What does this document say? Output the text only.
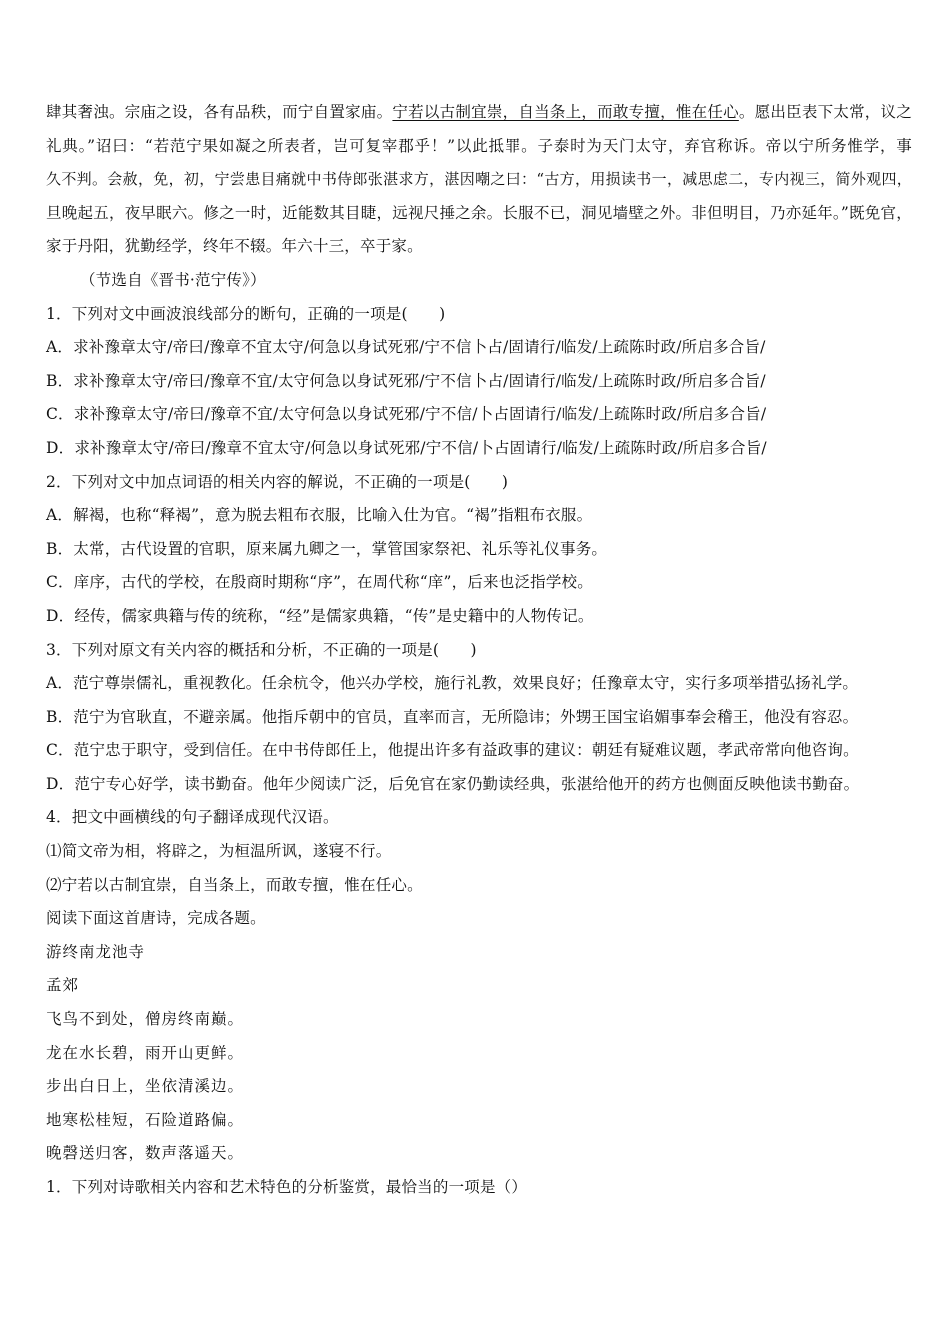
肆其奢浊。宗庙之设，各有品秩，而宁自置家庙。宁若以古制宜崇，自当条上，而敢专擅，惟在任心。愿出臣表下太常，议之
礼典。”诏曰：“若范宁果如凝之所表者，岂可复宰郡乎！”以此抵罪。子泰时为天门太守，弃官称诉。帝以宁所务惟学，事
久不判。会赦，免，初，宁尝患目痛就中书侍郎张湛求方，湛因嘲之曰：“古方，用损读书一，减思虑二，专内视三，简外观四，
旦晚起五，夜早眠六。修之一时，近能数其目睫，远视尺捶之余。长服不已，洞见墙壁之外。非但明目，乃亦延年。”既免官，
家于丹阳，犹勤经学，终年不辍。年六十三，卒于家。
（节选自《晋书·范宁传》）
1．下列对文中画波浪线部分的断句，正确的一项是(　　)
A．求补豫章太守/帝曰/豫章不宜太守/何急以身试死邪/宁不信卜占/固请行/临发/上疏陈时政/所启多合旨/
B．求补豫章太守/帝曰/豫章不宜/太守何急以身试死邪/宁不信卜占/固请行/临发/上疏陈时政/所启多合旨/
C．求补豫章太守/帝曰/豫章不宜/太守何急以身试死邪/宁不信/卜占固请行/临发/上疏陈时政/所启多合旨/
D．求补豫章太守/帝曰/豫章不宜太守/何急以身试死邪/宁不信/卜占固请行/临发/上疏陈时政/所启多合旨/
2．下列对文中加点词语的相关内容的解说，不正确的一项是(　　)
A．解褐，也称“释褐”，意为脱去粗布衣服，比喻入仕为官。“褐”指粗布衣服。
B．太常，古代设置的官职，原来属九卿之一，掌管国家祭祀、礼乐等礼仪事务。
C．庠序，古代的学校，在殷商时期称“序”，在周代称“庠”，后来也泛指学校。
D．经传，儒家典籍与传的统称，“经”是儒家典籍，“传”是史籍中的人物传记。
3．下列对原文有关内容的概括和分析，不正确的一项是(　　)
A．范宁尊崇儒礼，重视教化。任余杭令，他兴办学校，施行礼教，效果良好；任豫章太守，实行多项举措弘扬礼学。
B．范宁为官耿直，不避亲属。他指斥朝中的官员，直率而言，无所隐讳；外甥王国宝谄媚事奉会稽王，他没有容忍。
C．范宁忠于职守，受到信任。在中书侍郎任上，他提出许多有益政事的建议：朝廷有疑难议题，孝武帝常向他咨询。
D．范宁专心好学，读书勤奋。他年少阅读广泛，后免官在家仍勤读经典，张湛给他开的药方也侧面反映他读书勤奋。
4．把文中画横线的句子翻译成现代汉语。
⑴简文帝为相，将辟之，为桓温所讽，遂寝不行。
⑵宁若以古制宜崇，自当条上，而敢专擅，惟在任心。
阅读下面这首唐诗，完成各题。
游终南龙池寺
孟郊
飞鸟不到处，僧房终南巅。
龙在水长碧，雨开山更鲜。
步出白日上，坐依清溪边。
地寒松桂短，石险道路偏。
晚磬送归客，数声落遥天。
1．下列对诗歌相关内容和艺术特色的分析鉴赏，最恰当的一项是（）
